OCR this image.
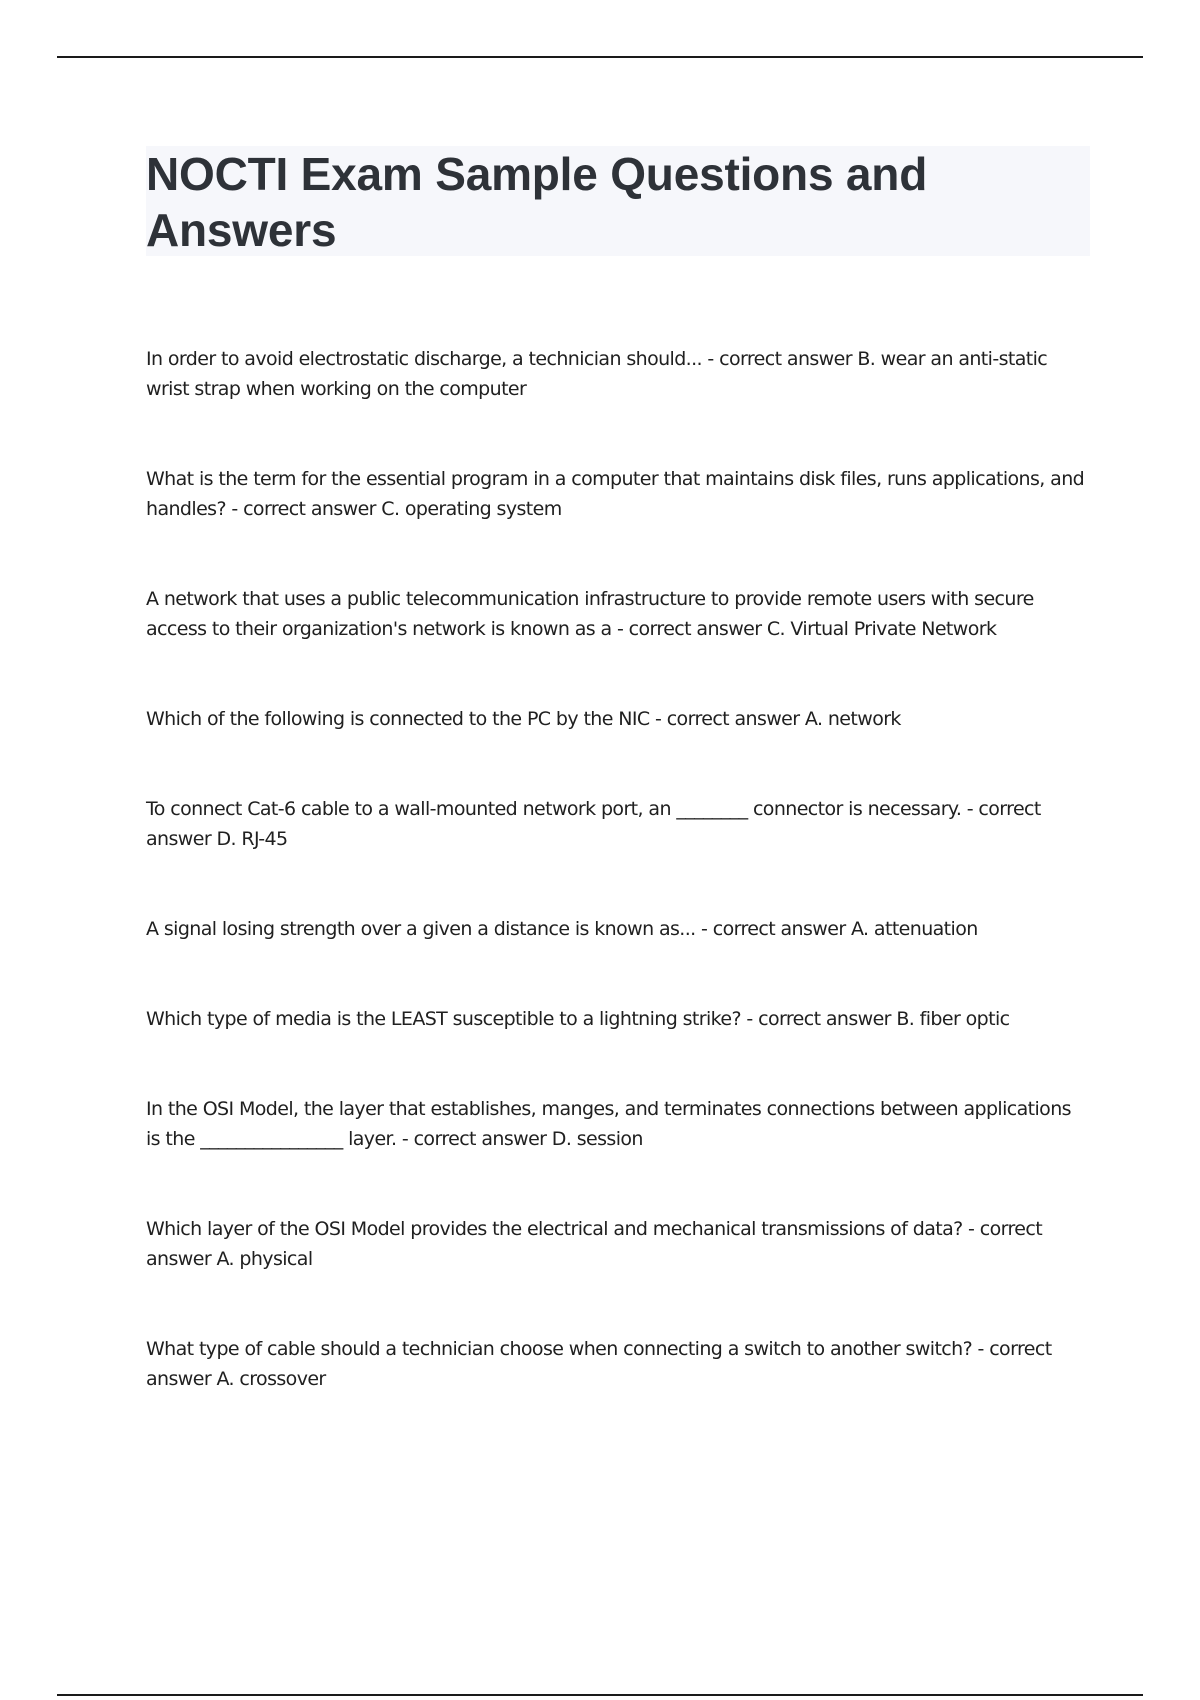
NOCTI Exam Sample Questions and Answers

In order to avoid electrostatic discharge, a technician should... - correct answer B. wear an anti-static wrist strap when working on the computer

What is the term for the essential program in a computer that maintains disk files, runs applications, and handles? - correct answer C. operating system

A network that uses a public telecommunication infrastructure to provide remote users with secure access to their organization's network is known as a - correct answer C. Virtual Private Network

Which of the following is connected to the PC by the NIC - correct answer A. network

To connect Cat-6 cable to a wall-mounted network port, an ________ connector is necessary. - correct answer D. RJ-45

A signal losing strength over a given a distance is known as... - correct answer A. attenuation

Which type of media is the LEAST susceptible to a lightning strike? - correct answer B. fiber optic

In the OSI Model, the layer that establishes, manges, and terminates connections between applications is the ________________ layer. - correct answer D. session

Which layer of the OSI Model provides the electrical and mechanical transmissions of data? - correct answer A. physical

What type of cable should a technician choose when connecting a switch to another switch? - correct answer A. crossover
